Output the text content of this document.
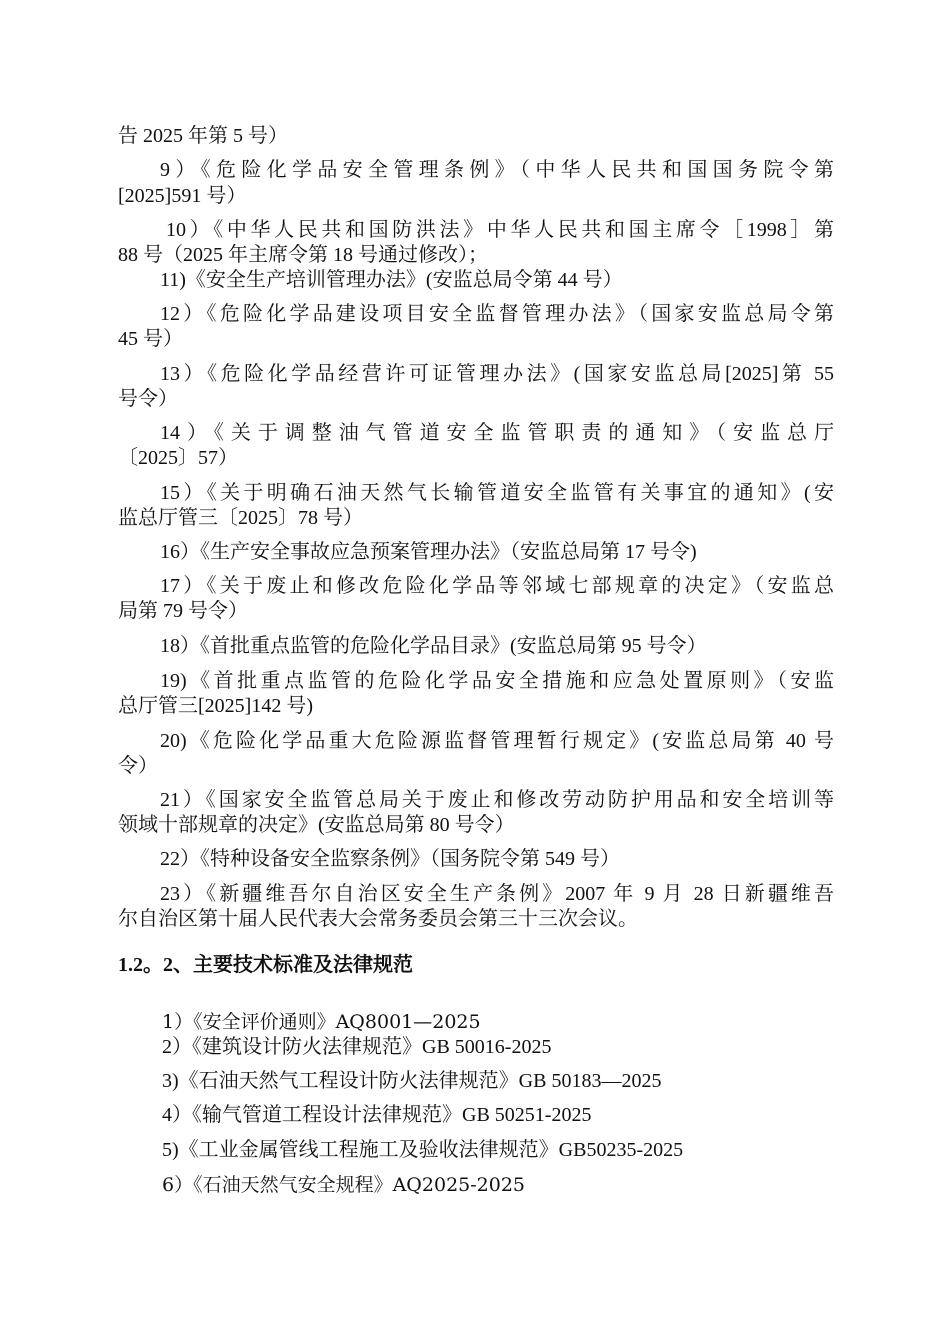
告 2025 年第 5 号）
9）《危险化学品安全管理条例》（中华人民共和国国务院令第
[2025]591 号）
10）《中华人民共和国防洪法》中华人民共和国主席令［1998］第
88 号（2025 年主席令第 18 号通过修改）；
11)《安全生产培训管理办法》(安监总局令第 44 号）
12）《危险化学品建设项目安全监督管理办法》（国家安监总局令第
45 号）
13）《危险化学品经营许可证管理办法》(国家安监总局[2025]第 55
号令）
14）《关于调整油气管道安全监管职责的通知》（安监总厅
〔2025〕57）
15）《关于明确石油天然气长输管道安全监管有关事宜的通知》(安
监总厅管三〔2025〕78 号）
16）《生产安全事故应急预案管理办法》（安监总局第 17 号令)
17）《关于废止和修改危险化学品等邻域七部规章的决定》（安监总
局第 79 号令）
18）《首批重点监管的危险化学品目录》(安监总局第 95 号令）
19)《首批重点监管的危险化学品安全措施和应急处置原则》（安监
总厅管三[2025]142 号)
20)《危险化学品重大危险源监督管理暂行规定》(安监总局第 40 号
令）
21）《国家安全监管总局关于废止和修改劳动防护用品和安全培训等
领域十部规章的决定》(安监总局第 80 号令）
22）《特种设备安全监察条例》（国务院令第 549 号）
23）《新疆维吾尔自治区安全生产条例》2007 年 9 月 28 日新疆维吾
尔自治区第十届人民代表大会常务委员会第三十三次会议。
1.2。2、主要技术标准及法律规范
1）《安全评价通则》AQ8001—2025
2）《建筑设计防火法律规范》GB 50016-2025
3)《石油天然气工程设计防火法律规范》GB 50183—2025
4）《输气管道工程设计法律规范》GB 50251-2025
5)《工业金属管线工程施工及验收法律规范》GB50235-2025
6）《石油天然气安全规程》AQ2025-2025
